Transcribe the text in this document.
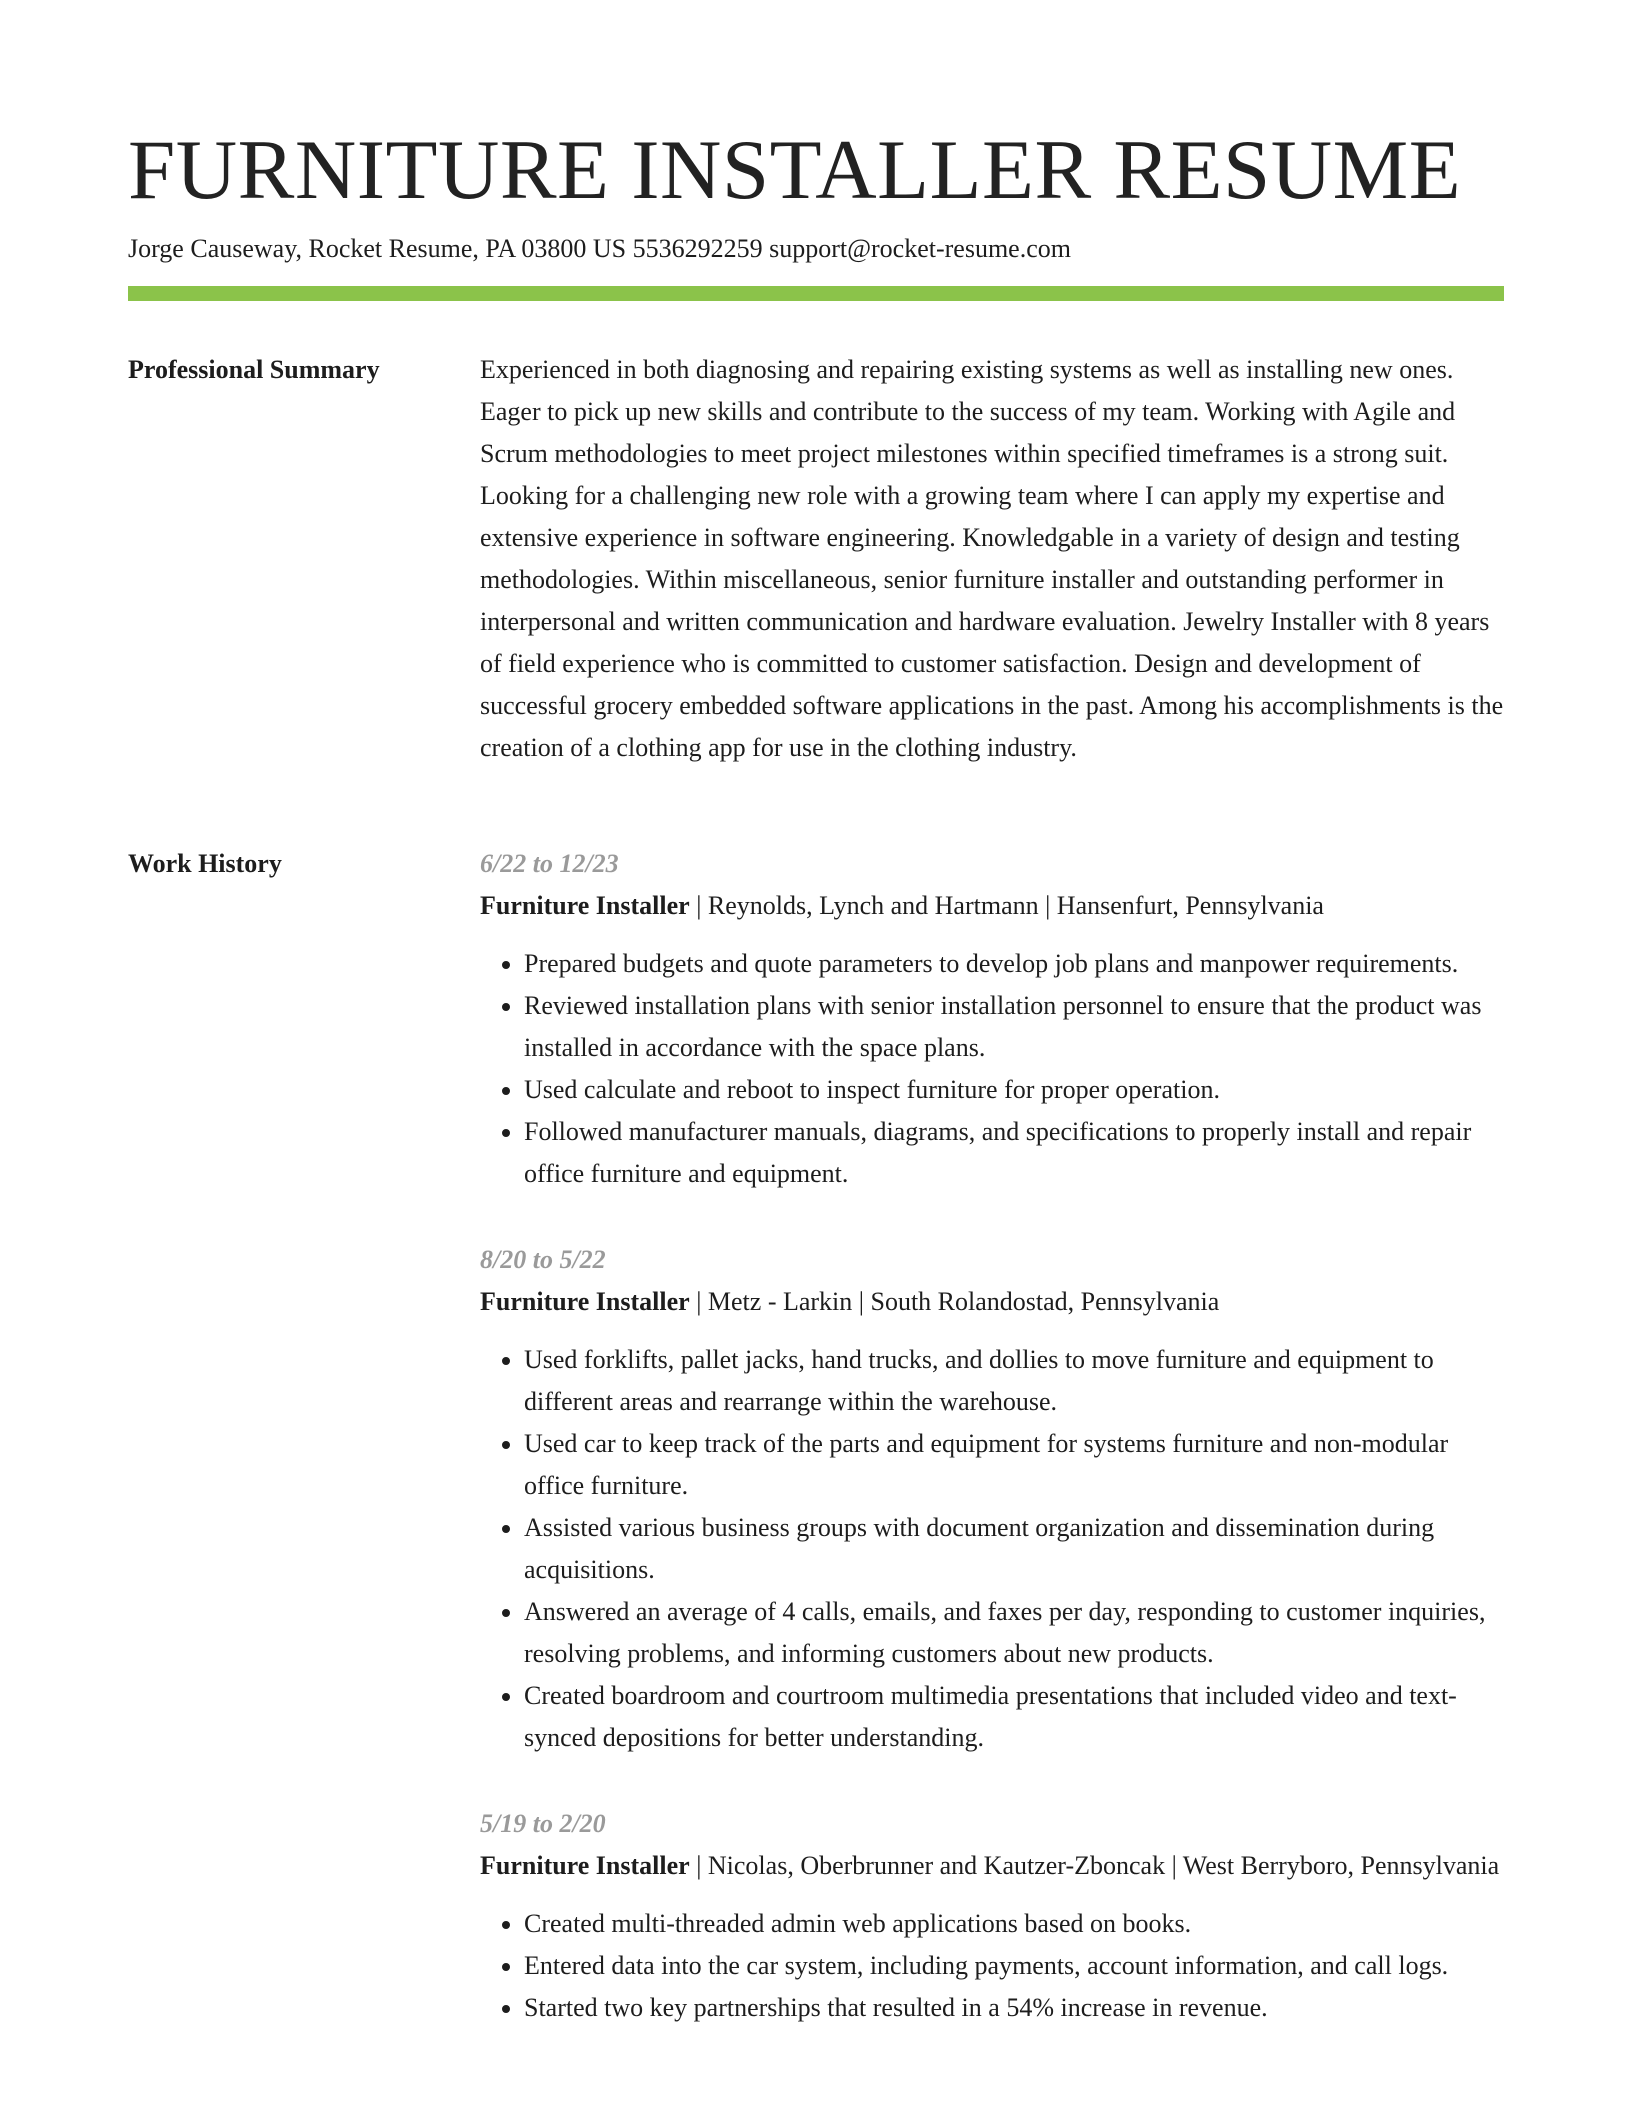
FURNITURE INSTALLER RESUME
Jorge Causeway, Rocket Resume, PA 03800 US 5536292259 support@rocket-resume.com
Professional Summary	Experienced in both diagnosing and repairing existing systems as well as installing new ones. Eager to pick up new skills and contribute to the success of my team. Working with Agile and Scrum methodologies to meet project milestones within specified timeframes is a strong suit. Looking for a challenging new role with a growing team where I can apply my expertise and extensive experience in software engineering. Knowledgable in a variety of design and testing methodologies. Within miscellaneous, senior furniture installer and outstanding performer in interpersonal and written communication and hardware evaluation. Jewelry Installer with 8 years of field experience who is committed to customer satisfaction. Design and development of successful grocery embedded software applications in the past. Among his accomplishments is the creation of a clothing app for use in the clothing industry.

Work History	6/22 to 12/23
Furniture Installer | Reynolds, Lynch and Hartmann | Hansenfurt, Pennsylvania
• Prepared budgets and quote parameters to develop job plans and manpower requirements.
• Reviewed installation plans with senior installation personnel to ensure that the product was installed in accordance with the space plans.
• Used calculate and reboot to inspect furniture for proper operation.
• Followed manufacturer manuals, diagrams, and specifications to properly install and repair office furniture and equipment.
8/20 to 5/22
Furniture Installer | Metz - Larkin | South Rolandostad, Pennsylvania
• Used forklifts, pallet jacks, hand trucks, and dollies to move furniture and equipment to different areas and rearrange within the warehouse.
• Used car to keep track of the parts and equipment for systems furniture and non-modular office furniture.
• Assisted various business groups with document organization and dissemination during acquisitions.
• Answered an average of 4 calls, emails, and faxes per day, responding to customer inquiries, resolving problems, and informing customers about new products.
• Created boardroom and courtroom multimedia presentations that included video and text-synced depositions for better understanding.
5/19 to 2/20
Furniture Installer | Nicolas, Oberbrunner and Kautzer-Zboncak | West Berryboro, Pennsylvania
• Created multi-threaded admin web applications based on books.
• Entered data into the car system, including payments, account information, and call logs.
• Started two key partnerships that resulted in a 54% increase in revenue.
